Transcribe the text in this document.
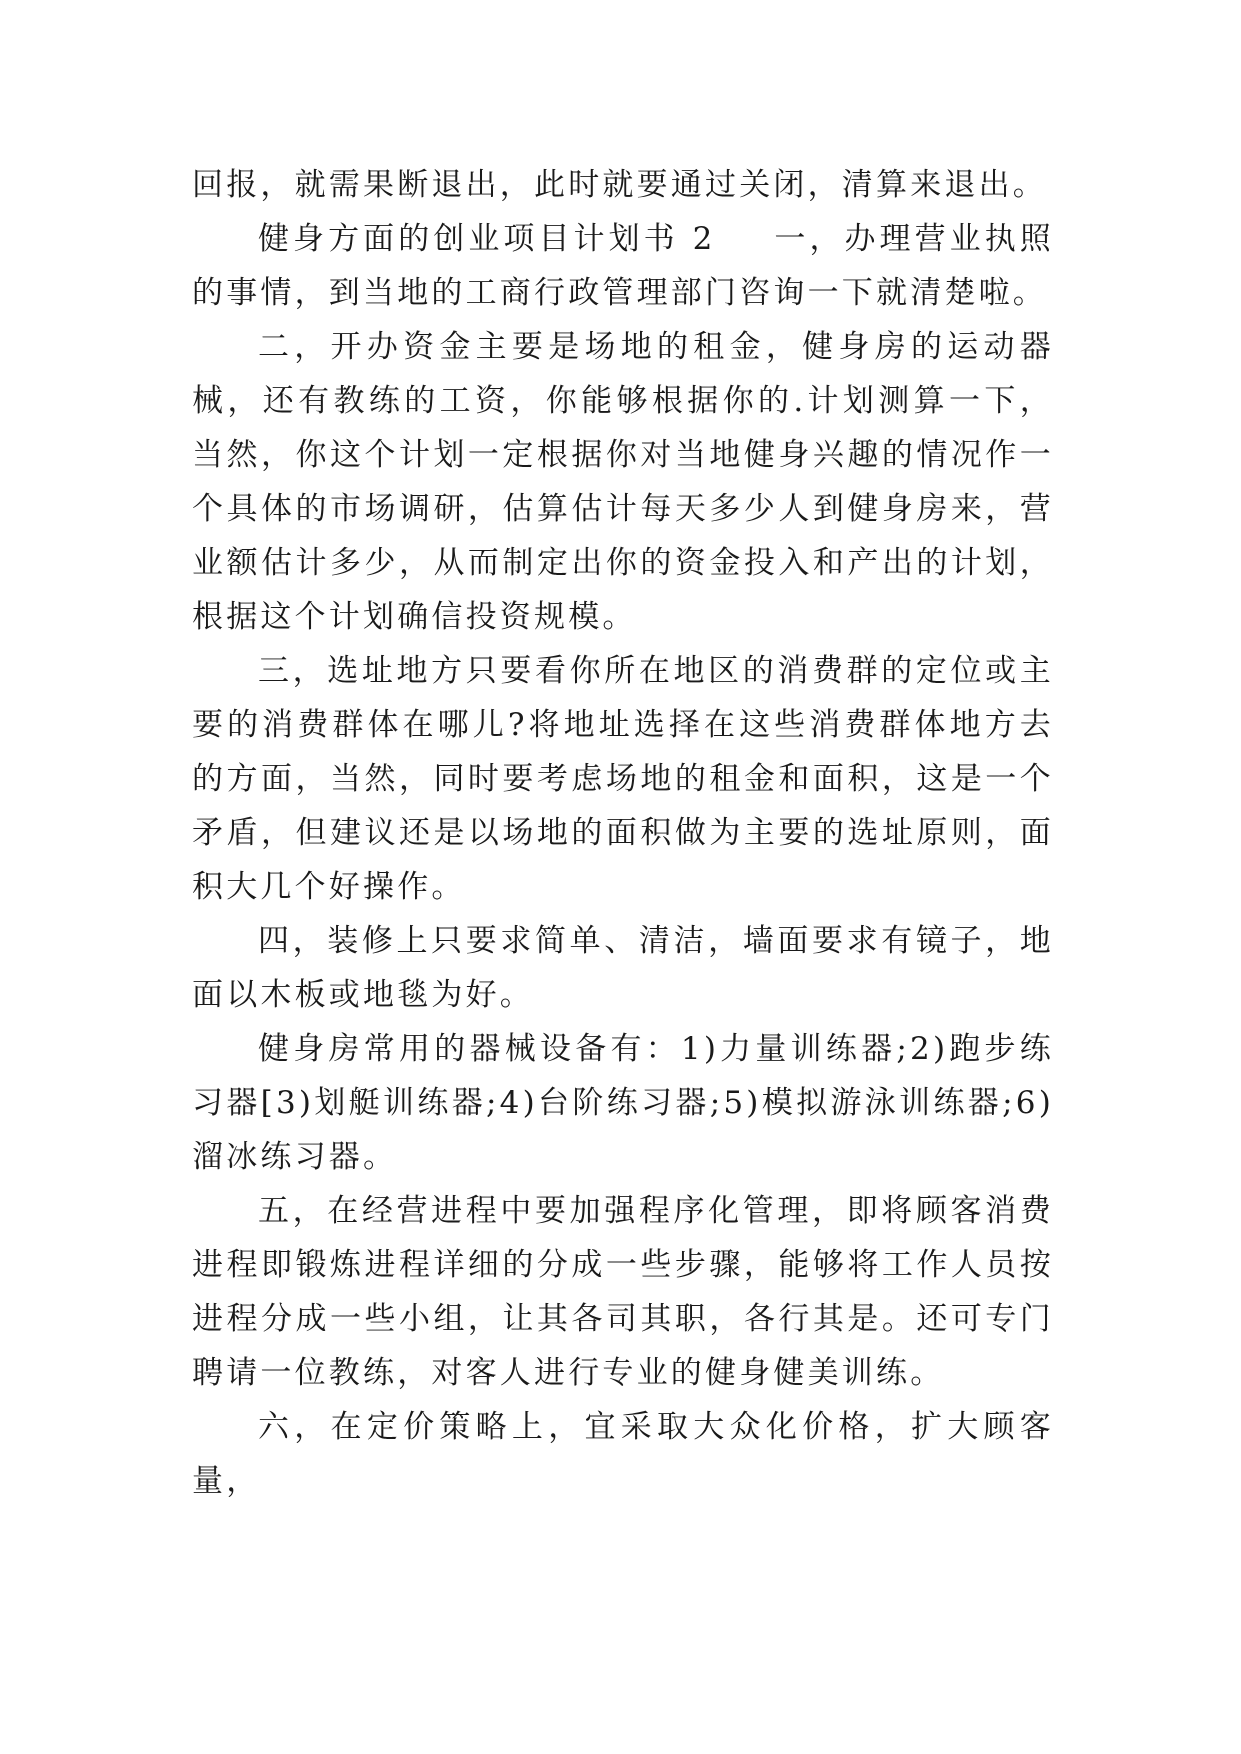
回报，就需果断退出，此时就要通过关闭，清算来退出。

健身方面的创业项目计划书 2 一，办理营业执照的事情，到当地的工商行政管理部门咨询一下就清楚啦。

二，开办资金主要是场地的租金，健身房的运动器械，还有教练的工资，你能够根据你的.计划测算一下，当然，你这个计划一定根据你对当地健身兴趣的情况作一个具体的市场调研，估算估计每天多少人到健身房来，营业额估计多少，从而制定出你的资金投入和产出的计划，根据这个计划确信投资规模。

三，选址地方只要看你所在地区的消费群的定位或主要的消费群体在哪儿?将地址选择在这些消费群体地方去的方面，当然，同时要考虑场地的租金和面积，这是一个矛盾，但建议还是以场地的面积做为主要的选址原则，面积大几个好操作。

四，装修上只要求简单、清洁，墙面要求有镜子，地面以木板或地毯为好。

健身房常用的器械设备有：1)力量训练器;2)跑步练习器[3)划艇训练器;4)台阶练习器;5)模拟游泳训练器;6)溜冰练习器。

五，在经营进程中要加强程序化管理，即将顾客消费进程即锻炼进程详细的分成一些步骤，能够将工作人员按进程分成一些小组，让其各司其职，各行其是。还可专门聘请一位教练，对客人进行专业的健身健美训练。

六，在定价策略上，宜采取大众化价格，扩大顾客量，
